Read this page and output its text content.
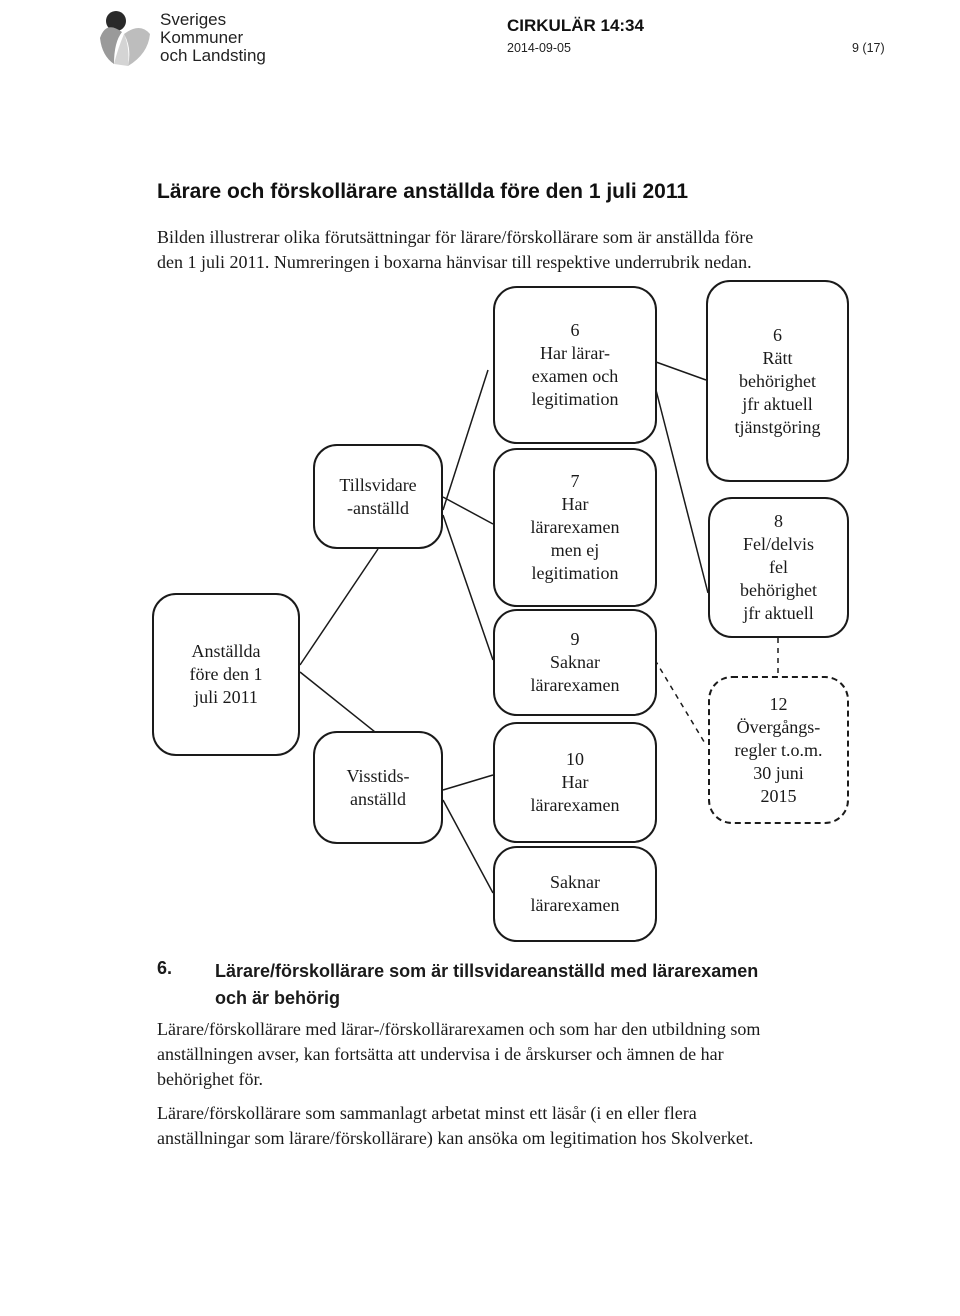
Sveriges
Kommuner
och Landsting
CIRKULÄR 14:34
2014-09-05	9 (17)
Lärare och förskollärare anställda före den 1 juli 2011
Bilden illustrerar olika förutsättningar för lärare/förskollärare som är anställda före
den 1 juli 2011. Numreringen i boxarna hänvisar till respektive underrubrik nedan.
Anställda
före den 1
juli 2011
Tillsvidare
-anställd
Visstids-
anställd
6
Har lärar-
examen och
legitimation
7
Har
lärarexamen
men ej
legitimation
9
Saknar
lärarexamen
10
Har
lärarexamen
Saknar
lärarexamen
6
Rätt
behörighet
jfr aktuell
tjänstgöring
8
Fel/delvis
fel
behörighet
jfr aktuell
12
Övergångs-
regler t.o.m.
30 juni
2015
6. Lärare/förskollärare som är tillsvidareanställd med lärarexamen
och är behörig
Lärare/förskollärare med lärar-/förskollärarexamen och som har den utbildning som
anställningen avser, kan fortsätta att undervisa i de årskurser och ämnen de har
behörighet för.
Lärare/förskollärare som sammanlagt arbetat minst ett läsår (i en eller flera
anställningar som lärare/förskollärare) kan ansöka om legitimation hos Skolverket.
